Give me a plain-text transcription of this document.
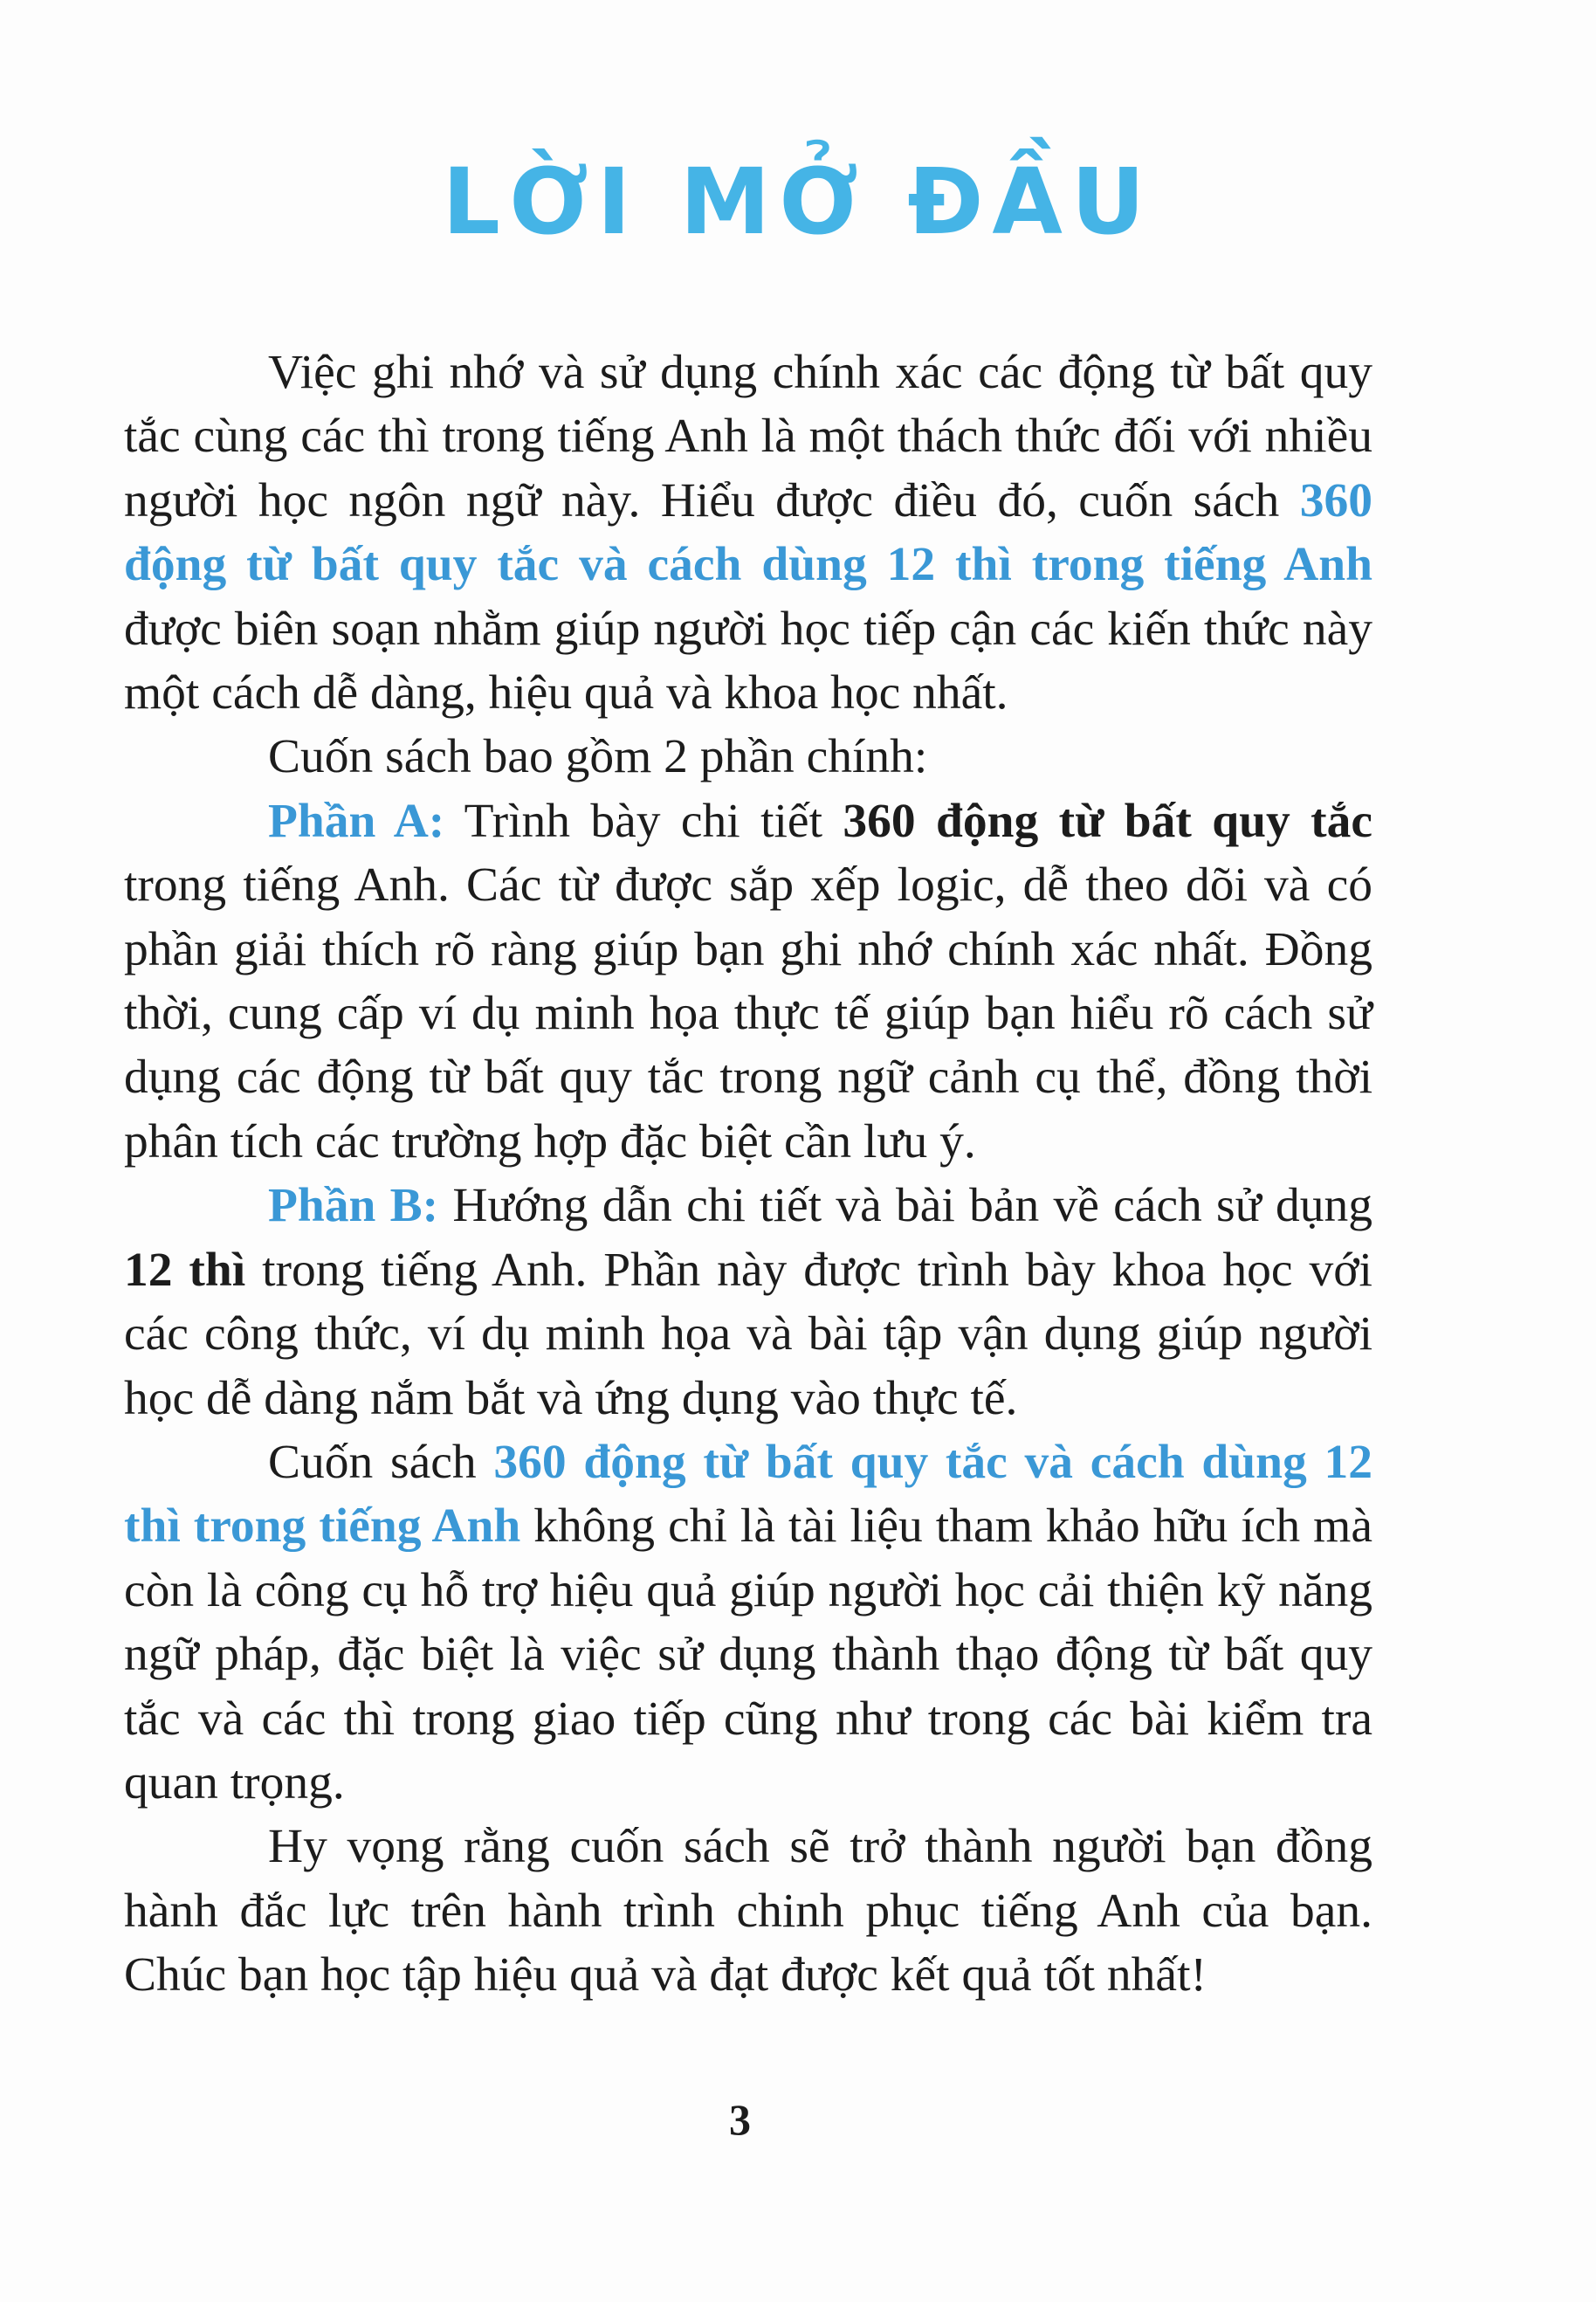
LỜI MỞ ĐẦU

Việc ghi nhớ và sử dụng chính xác các động từ bất quy tắc cùng các thì trong tiếng Anh là một thách thức đối với nhiều người học ngôn ngữ này. Hiểu được điều đó, cuốn sách 360 động từ bất quy tắc và cách dùng 12 thì trong tiếng Anh được biên soạn nhằm giúp người học tiếp cận các kiến thức này một cách dễ dàng, hiệu quả và khoa học nhất.

Cuốn sách bao gồm 2 phần chính:

Phần A: Trình bày chi tiết 360 động từ bất quy tắc trong tiếng Anh. Các từ được sắp xếp logic, dễ theo dõi và có phần giải thích rõ ràng giúp bạn ghi nhớ chính xác nhất. Đồng thời, cung cấp ví dụ minh họa thực tế giúp bạn hiểu rõ cách sử dụng các động từ bất quy tắc trong ngữ cảnh cụ thể, đồng thời phân tích các trường hợp đặc biệt cần lưu ý.

Phần B: Hướng dẫn chi tiết và bài bản về cách sử dụng 12 thì trong tiếng Anh. Phần này được trình bày khoa học với các công thức, ví dụ minh họa và bài tập vận dụng giúp người học dễ dàng nắm bắt và ứng dụng vào thực tế.

Cuốn sách 360 động từ bất quy tắc và cách dùng 12 thì trong tiếng Anh không chỉ là tài liệu tham khảo hữu ích mà còn là công cụ hỗ trợ hiệu quả giúp người học cải thiện kỹ năng ngữ pháp, đặc biệt là việc sử dụng thành thạo động từ bất quy tắc và các thì trong giao tiếp cũng như trong các bài kiểm tra quan trọng.

Hy vọng rằng cuốn sách sẽ trở thành người bạn đồng hành đắc lực trên hành trình chinh phục tiếng Anh của bạn. Chúc bạn học tập hiệu quả và đạt được kết quả tốt nhất!

3
